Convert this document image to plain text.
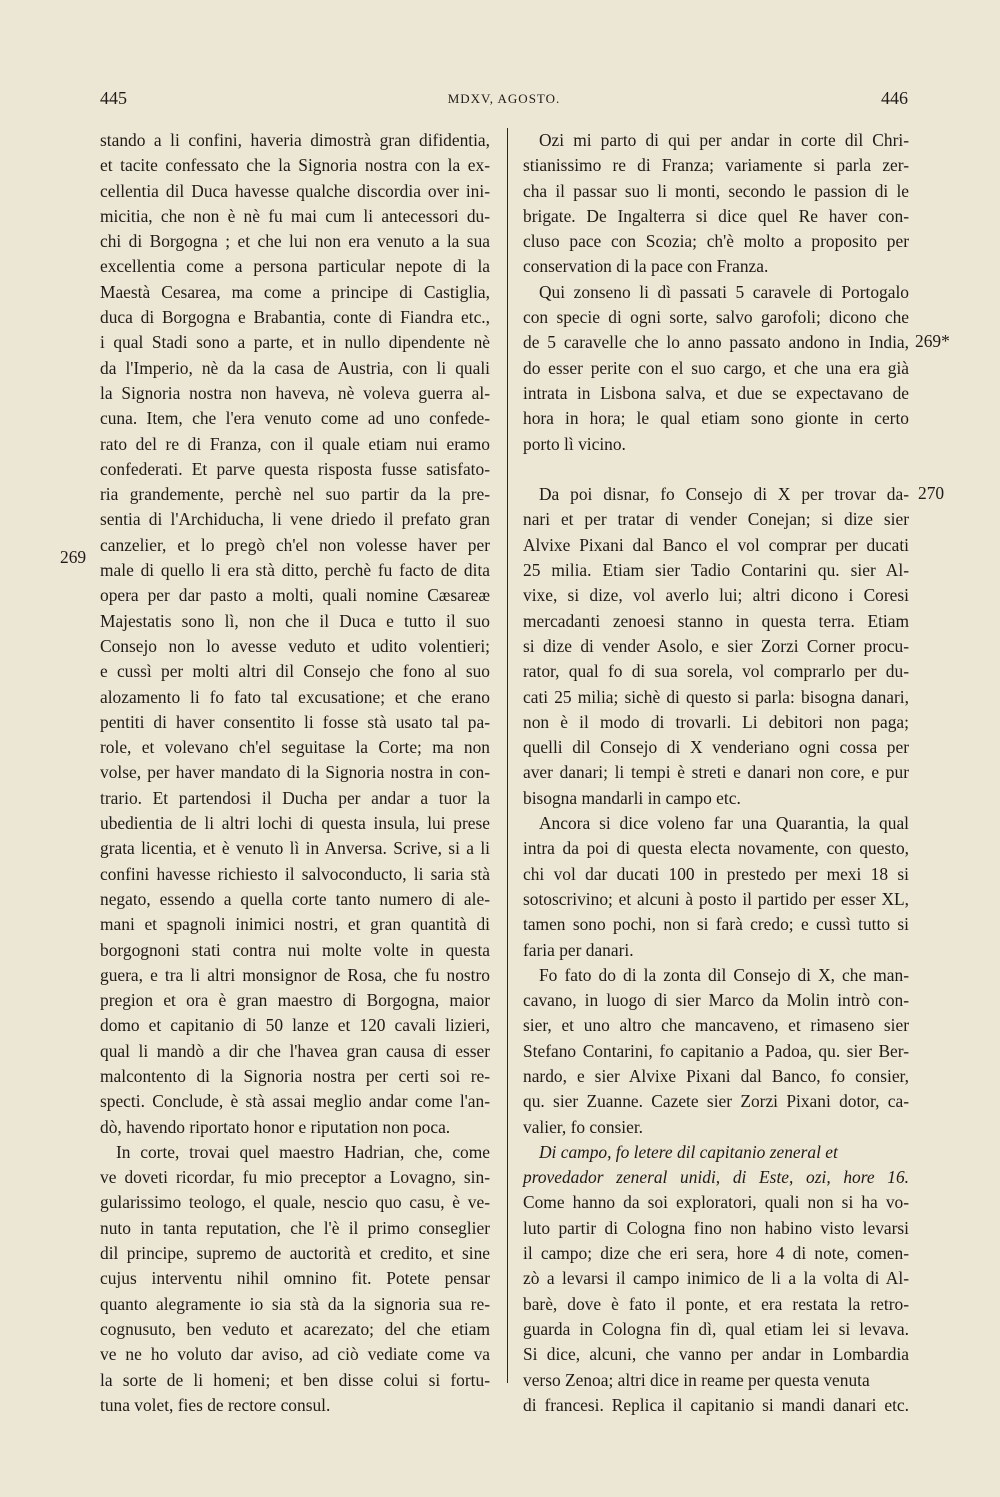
445	MDXV, AGOSTO.	446
stando a li confini, haveria dimostrà gran difidentia,
et tacite confessato che la Signoria nostra con la ex-
cellentia dil Duca havesse qualche discordia over ini-
micitia, che non è nè fu mai cum li antecessori du-
chi di Borgogna ; et che lui non era venuto a la sua
excellentia come a persona particular nepote di la
Maestà Cesarea, ma come a principe di Castiglia,
duca di Borgogna e Brabantia, conte di Fiandra etc.,
i qual Stadi sono a parte, et in nullo dipendente nè
da l'Imperio, nè da la casa de Austria, con li quali
la Signoria nostra non haveva, nè voleva guerra al-
cuna. Item, che l'era venuto come ad uno confede-
rato del re di Franza, con il quale etiam nui eramo
confederati. Et parve questa risposta fusse satisfato-
ria grandemente, perchè nel suo partir da la pre-
sentia di l'Archiducha, li vene driedo il prefato gran
canzelier, et lo pregò ch'el non volesse haver per
male di quello li era stà ditto, perchè fu facto de dita
opera per dar pasto a molti, quali nomine Cæsareæ
Majestatis sono lì, non che il Duca e tutto il suo
Consejo non lo avesse veduto et udito volentieri;
e cussì per molti altri dil Consejo che fono al suo
alozamento li fo fato tal excusatione; et che erano
pentiti di haver consentito li fosse stà usato tal pa-
role, et volevano ch'el seguitase la Corte; ma non
volse, per haver mandato di la Signoria nostra in con-
trario. Et partendosi il Ducha per andar a tuor la
ubedientia de li altri lochi di questa insula, lui prese
grata licentia, et è venuto lì in Anversa. Scrive, si a li
confini havesse richiesto il salvoconducto, li saria stà
negato, essendo a quella corte tanto numero di ale-
mani et spagnoli inimici nostri, et gran quantità di
borgognoni stati contra nui molte volte in questa
guera, e tra li altri monsignor de Rosa, che fu nostro
pregion et ora è gran maestro di Borgogna, maior
domo et capitanio di 50 lanze et 120 cavali lizieri,
qual li mandò a dir che l'havea gran causa di esser
malcontento di la Signoria nostra per certi soi re-
specti. Conclude, è stà assai meglio andar come l'an-
dò, havendo riportato honor e riputation non poca.
In corte, trovai quel maestro Hadrian, che, come
ve doveti ricordar, fu mio preceptor a Lovagno, sin-
gularissimo teologo, el quale, nescio quo casu, è ve-
nuto in tanta reputation, che l'è il primo conseglier
dil principe, supremo de auctorità et credito, et sine
cujus interventu nihil omnino fit. Potete pensar
quanto alegramente io sia stà da la signoria sua re-
cognusuto, ben veduto et acarezato; del che etiam
ve ne ho voluto dar aviso, ad ciò vediate come va
la sorte de li homeni; et ben disse colui si fortu-
tuna volet, fies de rectore consul.
Ozi mi parto di qui per andar in corte dil Chri-
stianissimo re di Franza; variamente si parla zer-
cha il passar suo li monti, secondo le passion di le
brigate. De Ingalterra si dice quel Re haver con-
cluso pace con Scozia; ch'è molto a proposito per
conservation di la pace con Franza.
Qui zonseno li dì passati 5 caravele di Portogalo
con specie di ogni sorte, salvo garofoli; dicono che
de 5 caravelle che lo anno passato andono in India,
do esser perite con el suo cargo, et che una era già
intrata in Lisbona salva, et due se expectavano de
hora in hora; le qual etiam sono gionte in certo
porto lì vicino.
Da poi disnar, fo Consejo di X per trovar da-
nari et per tratar di vender Conejan; si dize sier
Alvixe Pixani dal Banco el vol comprar per ducati
25 milia. Etiam sier Tadio Contarini qu. sier Al-
vixe, si dize, vol averlo lui; altri dicono i Coresi
mercadanti zenoesi stanno in questa terra. Etiam
si dize di vender Asolo, e sier Zorzi Corner procu-
rator, qual fo di sua sorela, vol comprarlo per du-
cati 25 milia; sichè di questo si parla: bisogna danari,
non è il modo di trovarli. Li debitori non paga;
quelli dil Consejo di X venderiano ogni cossa per
aver danari; li tempi è streti e danari non core, e pur
bisogna mandarli in campo etc.
Ancora si dice voleno far una Quarantia, la qual
intra da poi di questa electa novamente, con questo,
chi vol dar ducati 100 in prestedo per mexi 18 si
sotoscrivino; et alcuni à posto il partido per esser XL,
tamen sono pochi, non si farà credo; e cussì tutto si
faria per danari.
Fo fato do di la zonta dil Consejo di X, che man-
cavano, in luogo di sier Marco da Molin intrò con-
sier, et uno altro che mancaveno, et rimaseno sier
Stefano Contarini, fo capitanio a Padoa, qu. sier Ber-
nardo, e sier Alvixe Pixani dal Banco, fo consier,
qu. sier Zuanne. Cazete sier Zorzi Pixani dotor, ca-
valier, fo consier.
Di campo, fo letere dil capitanio zeneral et
provedador zeneral unidi, di Este, ozi, hore 16.
Come hanno da soi exploratori, quali non si ha vo-
luto partir di Cologna fino non habino visto levarsi
il campo; dize che eri sera, hore 4 di note, comen-
zò a levarsi il campo inimico de li a la volta di Al-
barè, dove è fato il ponte, et era restata la retro-
guarda in Cologna fin dì, qual etiam lei si levava.
Si dice, alcuni, che vanno per andar in Lombardia
verso Zenoa; altri dice in reame per questa venuta
di francesi. Replica il capitanio si mandi danari etc.
269
269*
270
